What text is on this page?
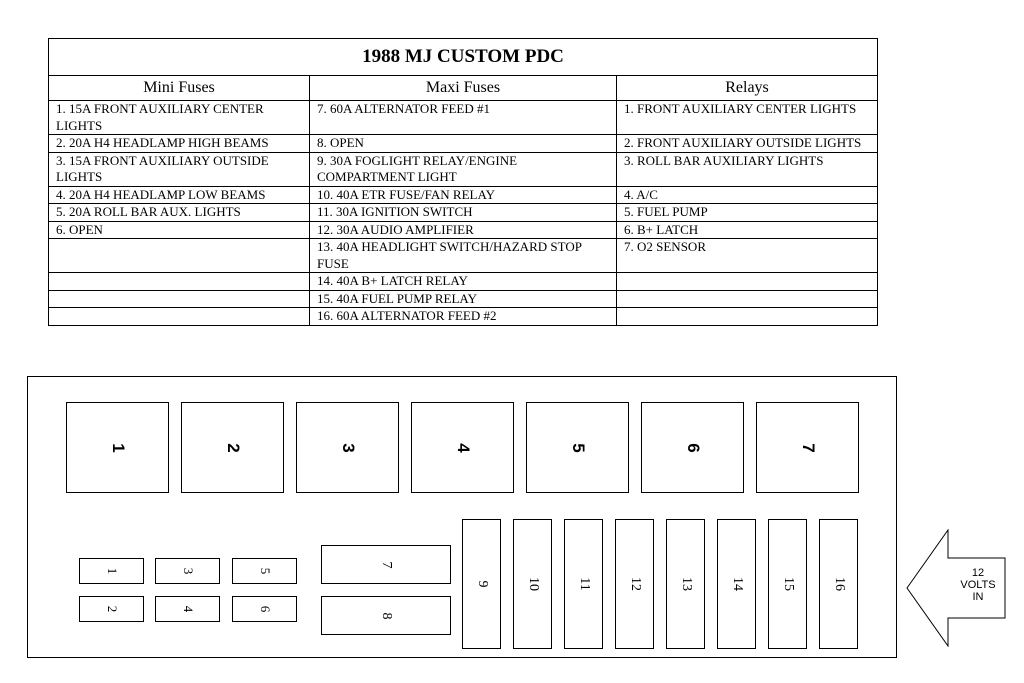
1988 MJ CUSTOM PDC		
Mini Fuses	Maxi Fuses	Relays
1. 15A FRONT AUXILIARY CENTER LIGHTS	7. 60A ALTERNATOR FEED #1	1. FRONT AUXILIARY CENTER LIGHTS
2. 20A H4 HEADLAMP HIGH BEAMS	8. OPEN	2. FRONT AUXILIARY OUTSIDE LIGHTS
3. 15A FRONT AUXILIARY OUTSIDE LIGHTS	9. 30A FOGLIGHT RELAY/ENGINE COMPARTMENT LIGHT	3. ROLL BAR AUXILIARY LIGHTS
4. 20A H4 HEADLAMP LOW BEAMS	10. 40A ETR FUSE/FAN RELAY	4. A/C
5. 20A ROLL BAR AUX. LIGHTS	11. 30A IGNITION SWITCH	5. FUEL PUMP
6. OPEN	12. 30A AUDIO AMPLIFIER	6. B+ LATCH
	13. 40A HEADLIGHT SWITCH/HAZARD STOP FUSE	7. O2 SENSOR
	14. 40A B+ LATCH RELAY	
	15. 40A FUEL PUMP RELAY	
	16. 60A ALTERNATOR FEED #2	
1	2	3	4	5	6	7
1
2
3
4
5
6
7
8
9	10	11	12	13	14	15	16
12
VOLTS
IN
